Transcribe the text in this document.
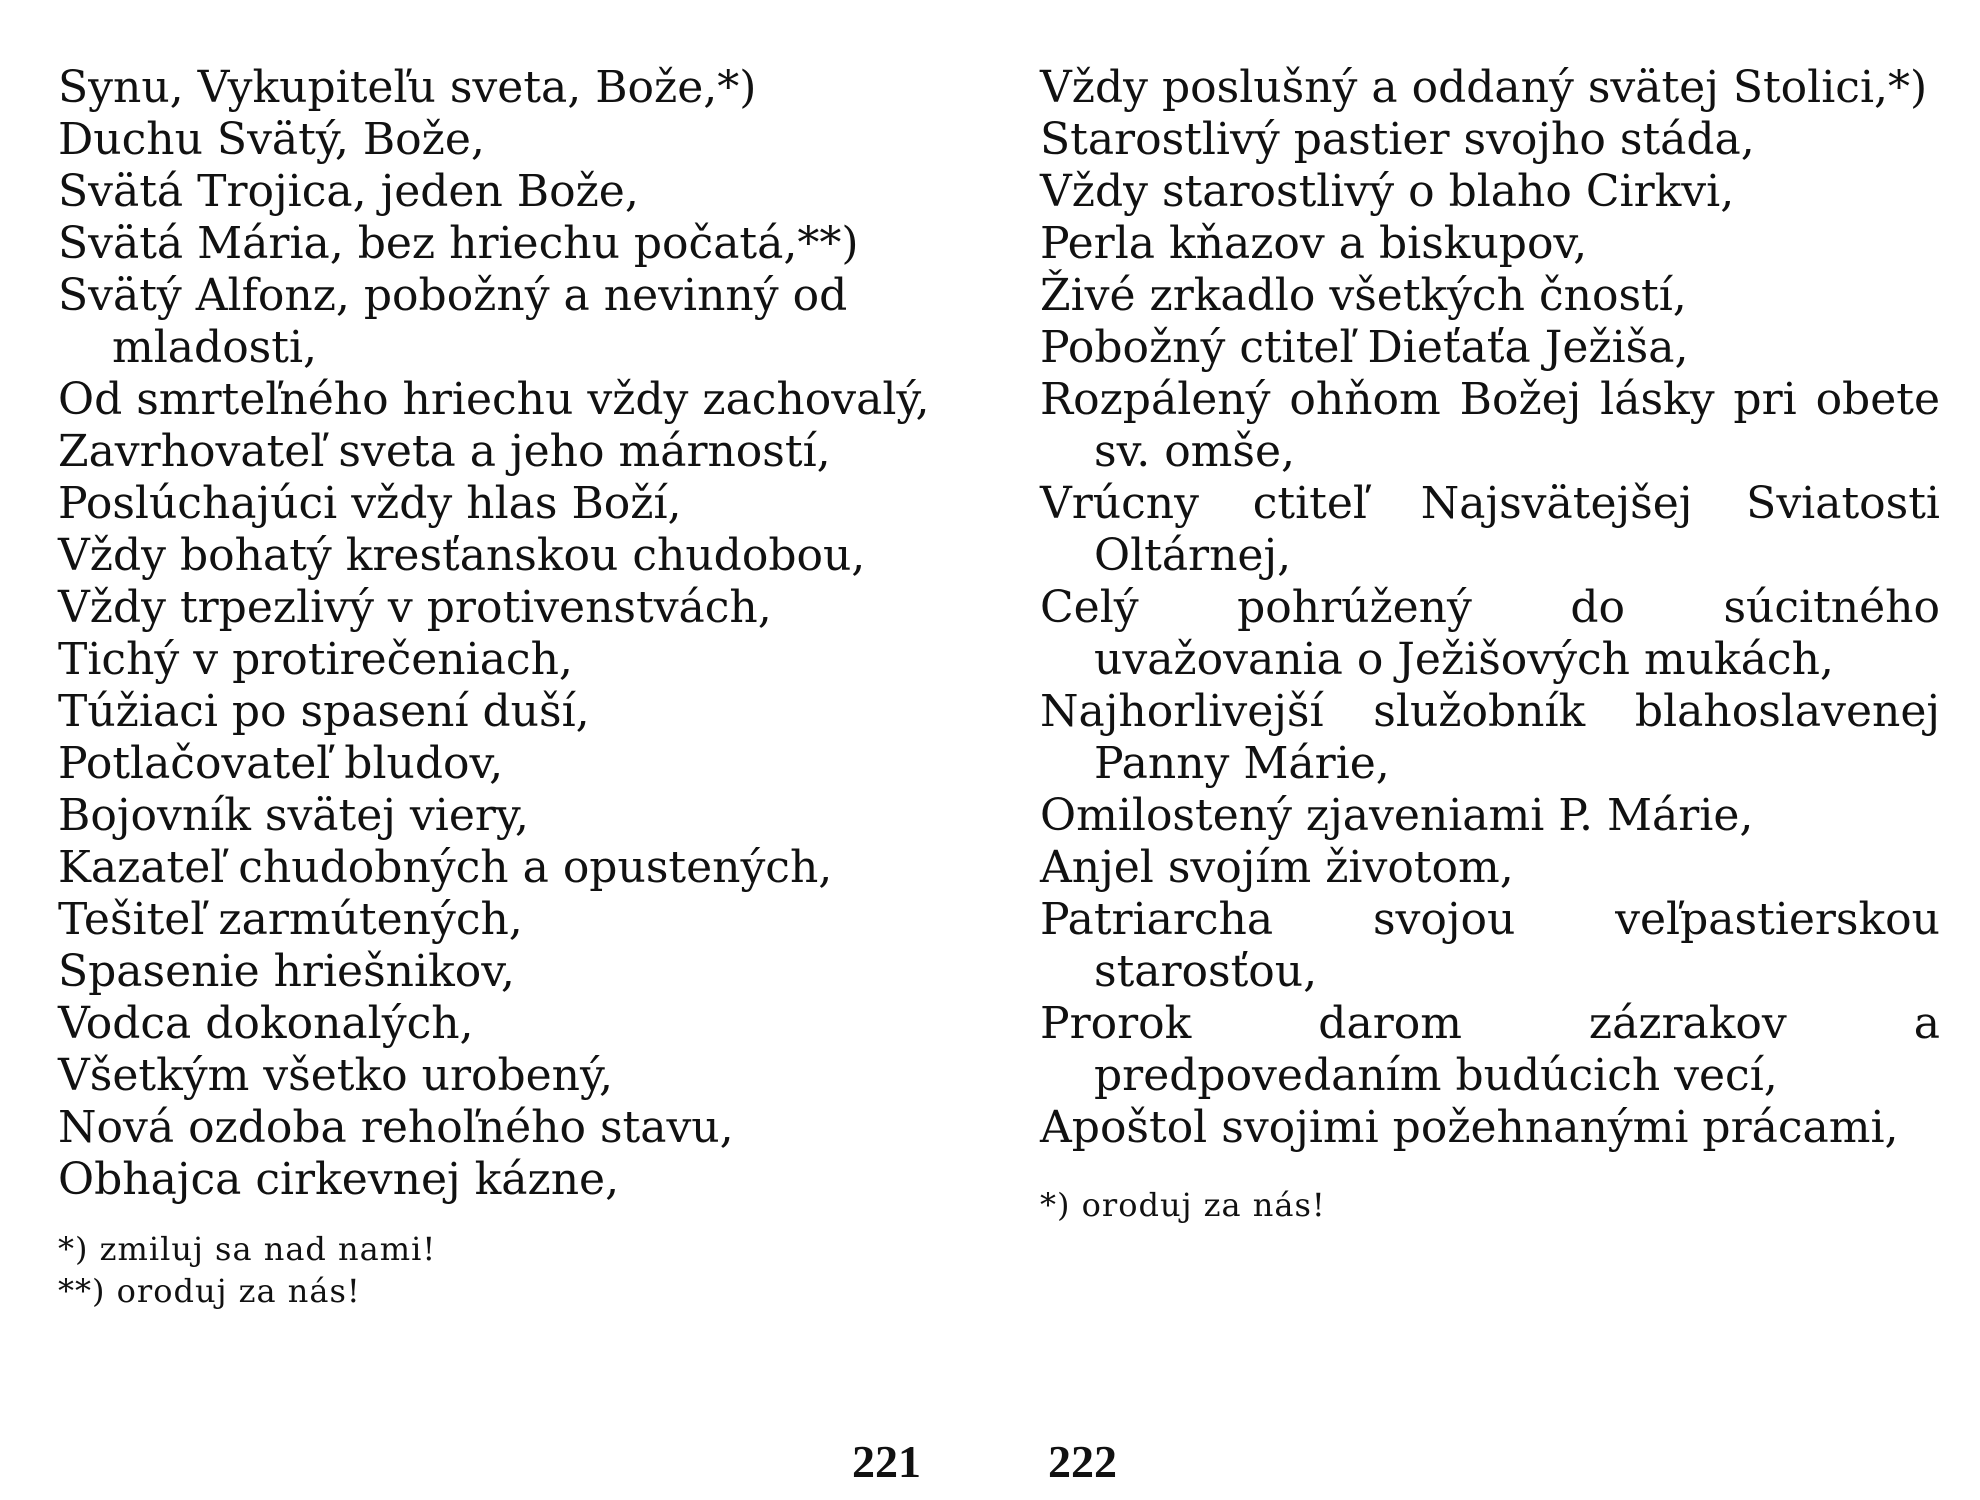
Synu, Vykupiteľu sveta, Bože,*)
Duchu Svätý, Bože,
Svätá Trojica, jeden Bože,
Svätá Mária, bez hriechu počatá,**)
Svätý Alfonz, pobožný a nevinný od mladosti,
Od smrteľného hriechu vždy zachovalý,
Zavrhovateľ sveta a jeho márností,
Poslúchajúci vždy hlas Boží,
Vždy bohatý kresťanskou chudobou,
Vždy trpezlivý v protivenstvách,
Tichý v protirečeniach,
Túžiaci po spasení duší,
Potlačovateľ bludov,
Bojovník svätej viery,
Kazateľ chudobných a opustených,
Tešiteľ zarmútených,
Spasenie hriešnikov,
Vodca dokonalých,
Všetkým všetko urobený,
Nová ozdoba rehoľného stavu,
Obhajca cirkevnej kázne,
*) zmiluj sa nad nami!
**) oroduj za nás!
Vždy poslušný a oddaný svätej Stolici,*)
Starostlivý pastier svojho stáda,
Vždy starostlivý o blaho Cirkvi,
Perla kňazov a biskupov,
Živé zrkadlo všetkých čností,
Pobožný ctiteľ Dieťaťa Ježiša,
Rozpálený ohňom Božej lásky pri obete sv. omše,
Vrúcny ctiteľ Najsvätejšej Sviatosti Oltárnej,
Celý pohrúžený do súcitného uvažovania o Ježišových mukách,
Najhorlivejší služobník blahoslavenej Panny Márie,
Omilostený zjaveniami P. Márie,
Anjel svojím životom,
Patriarcha svojou veľpastierskou starosťou,
Prorok darom zázrakov a predpovedaním budúcich vecí,
Apoštol svojimi požehnanými prácami,
*) oroduj za nás!
221	222
